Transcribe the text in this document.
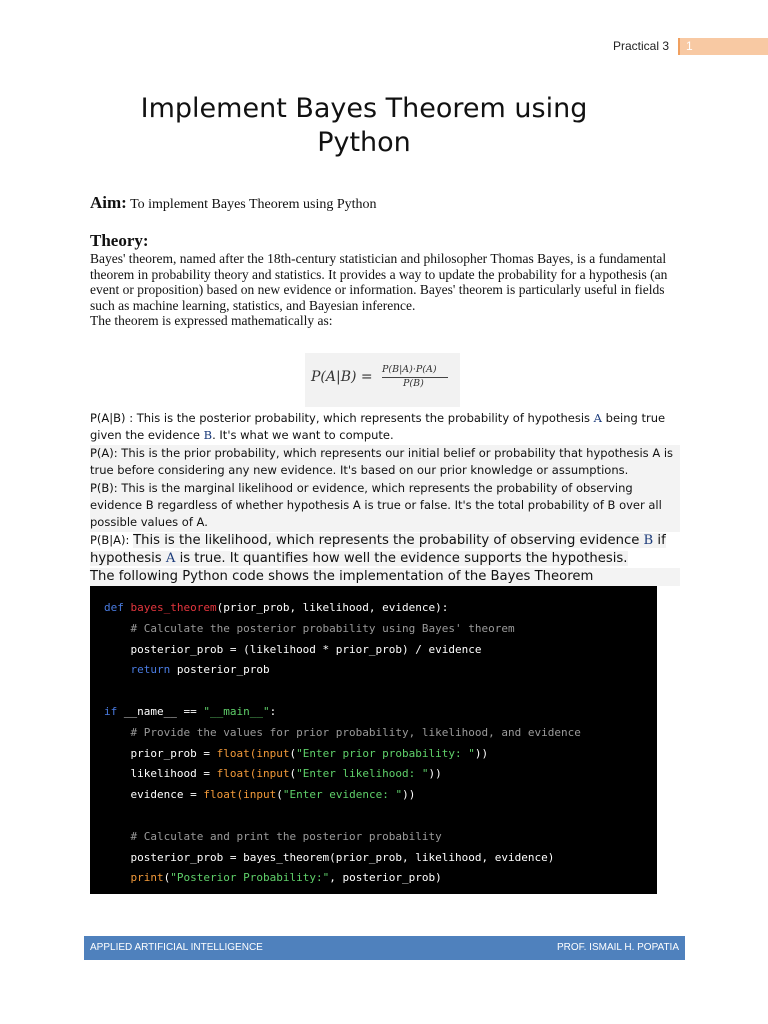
Practical 3 1
Implement Bayes Theorem using Python
Aim: To implement Bayes Theorem using Python
Theory:
Bayes' theorem, named after the 18th-century statistician and philosopher Thomas Bayes, is a fundamental theorem in probability theory and statistics. It provides a way to update the probability for a hypothesis (an event or proposition) based on new evidence or information. Bayes' theorem is particularly useful in fields such as machine learning, statistics, and Bayesian inference.
The theorem is expressed mathematically as:
P(A|B) = P(B|A)·P(A)
P(B)

P(A|B) : This is the posterior probability, which represents the probability of hypothesis A being true given the evidence B. It's what we want to compute.

P(A): This is the prior probability, which represents our initial belief or probability that hypothesis A is true before considering any new evidence. It's based on our prior knowledge or assumptions.

P(B): This is the marginal likelihood or evidence, which represents the probability of observing evidence B regardless of whether hypothesis A is true or false. It's the total probability of B over all possible values of A.

P(B|A): This is the likelihood, which represents the probability of observing evidence B if hypothesis A is true. It quantifies how well the evidence supports the hypothesis.

The following Python code shows the implementation of the Bayes Theorem

def bayes_theorem(prior_prob, likelihood, evidence):
# Calculate the posterior probability using Bayes' theorem
posterior_prob = (likelihood * prior_prob) / evidence
return posterior_prob

if __name__ == "__main__":
# Provide the values for prior probability, likelihood, and evidence
prior_prob = float(input("Enter prior probability: "))
likelihood = float(input("Enter likelihood: "))
evidence = float(input("Enter evidence: "))

# Calculate and print the posterior probability
posterior_prob = bayes_theorem(prior_prob, likelihood, evidence)
print("Posterior Probability:", posterior_prob)
APPLIED ARTIFICIAL INTELLIGENCE	PROF. ISMAIL H. POPATIA
